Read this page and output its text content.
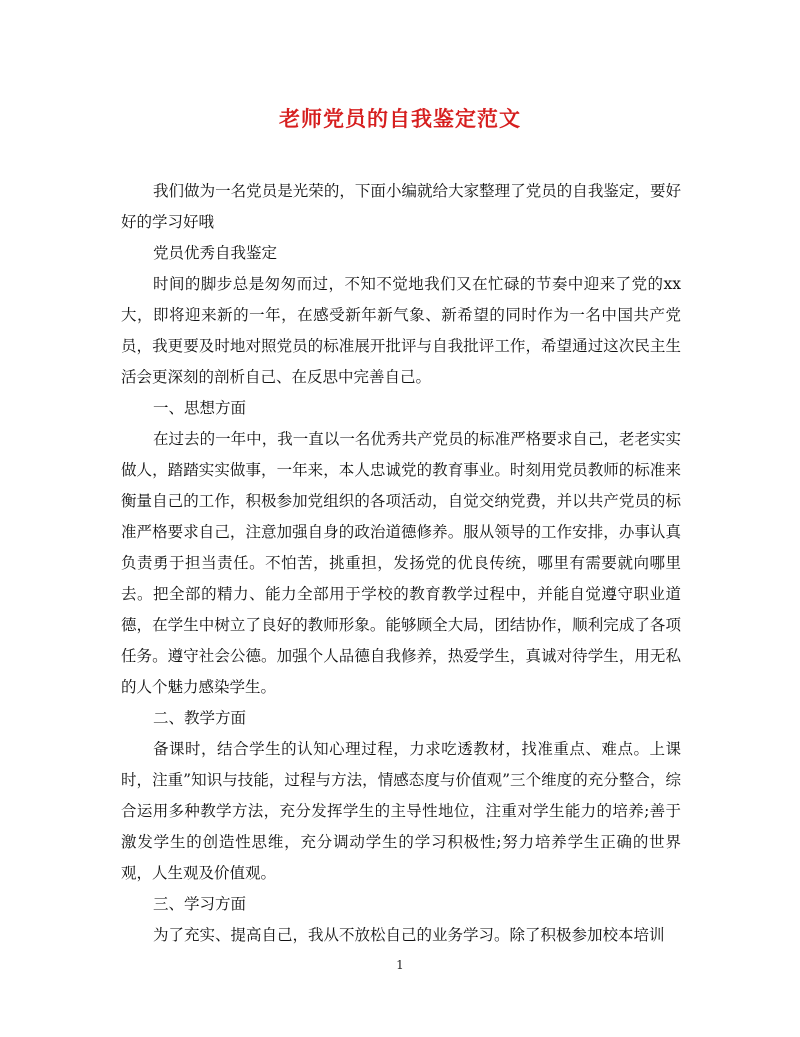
老师党员的自我鉴定范文

我们做为一名党员是光荣的，下面小编就给大家整理了党员的自我鉴定，要好好的学习好哦

党员优秀自我鉴定

时间的脚步总是匆匆而过，不知不觉地我们又在忙碌的节奏中迎来了党的xx大，即将迎来新的一年，在感受新年新气象、新希望的同时作为一名中国共产党员，我更要及时地对照党员的标准展开批评与自我批评工作，希望通过这次民主生活会更深刻的剖析自己、在反思中完善自己。

一、思想方面

在过去的一年中，我一直以一名优秀共产党员的标准严格要求自己，老老实实做人，踏踏实实做事，一年来，本人忠诚党的教育事业。时刻用党员教师的标准来衡量自己的工作，积极参加党组织的各项活动，自觉交纳党费，并以共产党员的标准严格要求自己，注意加强自身的政治道德修养。服从领导的工作安排，办事认真负责勇于担当责任。不怕苦，挑重担，发扬党的优良传统，哪里有需要就向哪里去。把全部的精力、能力全部用于学校的教育教学过程中，并能自觉遵守职业道德，在学生中树立了良好的教师形象。能够顾全大局，团结协作，顺利完成了各项任务。遵守社会公德。加强个人品德自我修养，热爱学生，真诚对待学生，用无私的人个魅力感染学生。

二、教学方面

备课时，结合学生的认知心理过程，力求吃透教材，找准重点、难点。上课时，注重”知识与技能，过程与方法，情感态度与价值观”三个维度的充分整合，综合运用多种教学方法，充分发挥学生的主导性地位，注重对学生能力的培养;善于激发学生的创造性思维，充分调动学生的学习积极性;努力培养学生正确的世界观，人生观及价值观。

三、学习方面

为了充实、提高自己，我从不放松自己的业务学习。除了积极参加校本培训

1
